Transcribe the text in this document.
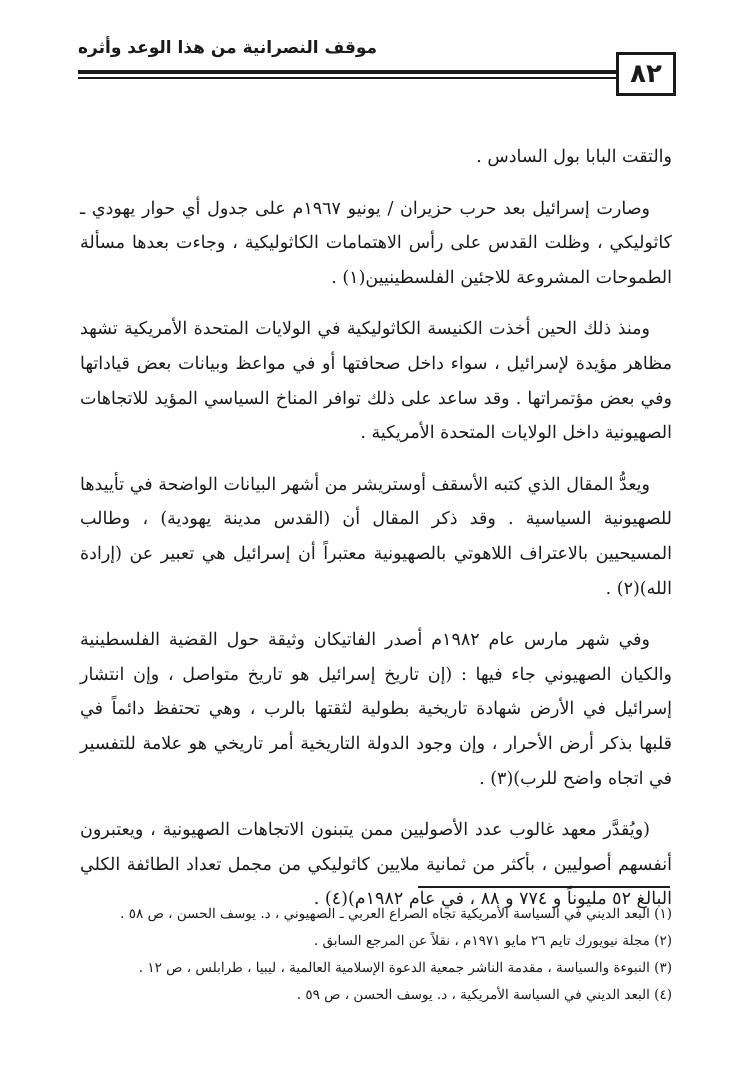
موقف النصرانية من هذا الوعد وأثره
٨٢

والتقت البابا بول السادس .

وصارت إسرائيل بعد حرب حزيران / يونيو ١٩٦٧م على جدول أي حوار يهودي ـ كاثوليكي ، وظلت القدس على رأس الاهتمامات الكاثوليكية ، وجاءت بعدها مسألة الطموحات المشروعة للاجئين الفلسطينيين(١) .

ومنذ ذلك الحين أخذت الكنيسة الكاثوليكية في الولايات المتحدة الأمريكية تشهد مظاهر مؤيدة لإسرائيل ، سواء داخل صحافتها أو في مواعظ وبيانات بعض قياداتها وفي بعض مؤتمراتها . وقد ساعد على ذلك توافر المناخ السياسي المؤيد للاتجاهات الصهيونية داخل الولايات المتحدة الأمريكية .

ويعدُّ المقال الذي كتبه الأسقف أوستريشر من أشهر البيانات الواضحة في تأييدها للصهيونية السياسية . وقد ذكر المقال أن (القدس مدينة يهودية) ، وطالب المسيحيين بالاعتراف اللاهوتي بالصهيونية معتبراً أن إسرائيل هي تعبير عن (إرادة الله)(٢) .

وفي شهر مارس عام ١٩٨٢م أصدر الفاتيكان وثيقة حول القضية الفلسطينية والكيان الصهيوني جاء فيها : (إن تاريخ إسرائيل هو تاريخ متواصل ، وإن انتشار إسرائيل في الأرض شهادة تاريخية بطولية لثقتها بالرب ، وهي تحتفظ دائماً في قلبها بذكر أرض الأحرار ، وإن وجود الدولة التاريخية أمر تاريخي هو علامة للتفسير في اتجاه واضح للرب)(٣) .

(ويُقدَّر معهد غالوب عدد الأصوليين ممن يتبنون الاتجاهات الصهيونية ، ويعتبرون أنفسهم أصوليين ، بأكثر من ثمانية ملايين كاثوليكي من مجمل تعداد الطائفة الكلي البالغ ٥٢ مليوناً و ٧٧٤ و ٨٨ ، في عام ١٩٨٢م)(٤) .

(١) البعد الديني في السياسة الأمريكية تجاه الصراع العربي ـ الصهيوني ، د. يوسف الحسن ، ص ٥٨ .

(٢) مجلة نيويورك تايم ٢٦ مايو ١٩٧١م ، نقلاً عن المرجع السابق .

(٣) النبوءة والسياسة ، مقدمة الناشر جمعية الدعوة الإسلامية العالمية ، ليبيا ، طرابلس ، ص ١٢ .

(٤) البعد الديني في السياسة الأمريكية ، د. يوسف الحسن ، ص ٥٩ .
